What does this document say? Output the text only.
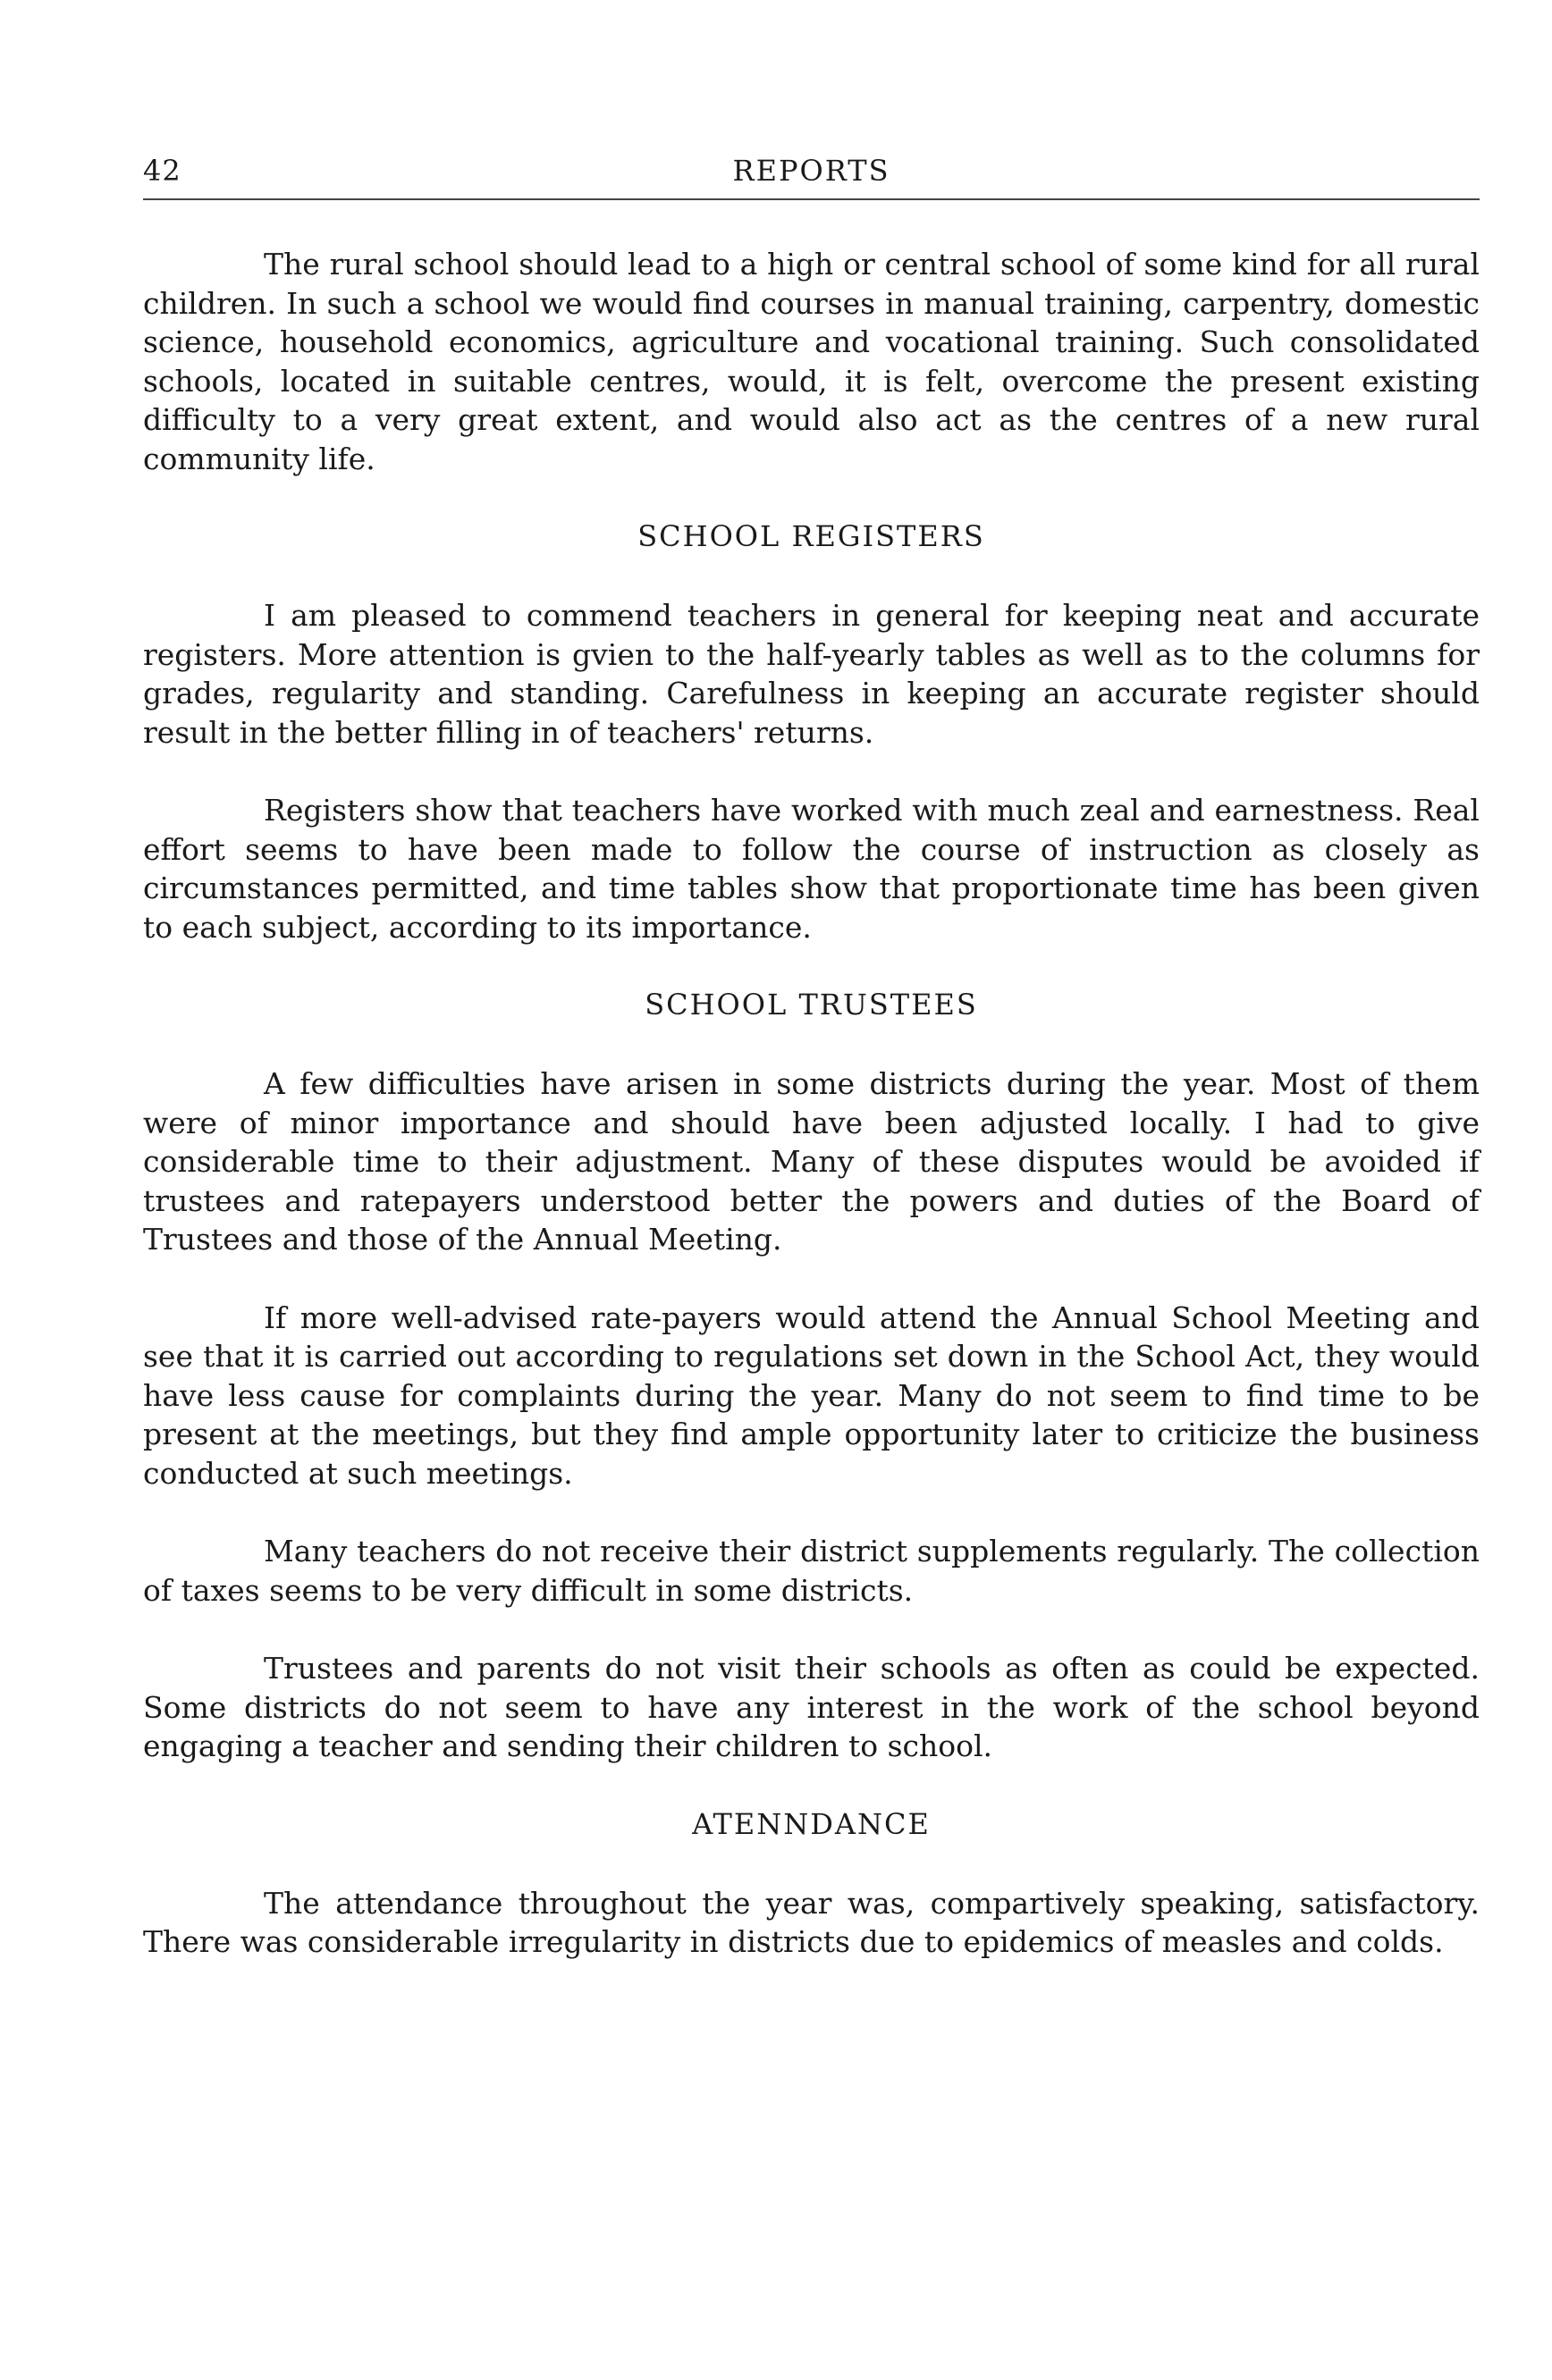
42	REPORTS

The rural school should lead to a high or central school of some kind for all rural children. In such a school we would find courses in manual training, carpentry, domestic science, household economics, agriculture and vocational training. Such consolidated schools, located in suitable centres, would, it is felt, overcome the present existing difficulty to a very great extent, and would also act as the centres of a new rural community life.

SCHOOL REGISTERS

I am pleased to commend teachers in general for keeping neat and accurate registers. More attention is gvien to the half-yearly tables as well as to the columns for grades, regularity and standing. Carefulness in keeping an accurate register should result in the better filling in of teachers' returns.

Registers show that teachers have worked with much zeal and earnestness. Real effort seems to have been made to follow the course of instruction as closely as circumstances permitted, and time tables show that proportionate time has been given to each subject, according to its importance.

SCHOOL TRUSTEES

A few difficulties have arisen in some districts during the year. Most of them were of minor importance and should have been adjusted locally. I had to give considerable time to their adjustment. Many of these disputes would be avoided if trustees and ratepayers understood better the powers and duties of the Board of Trustees and those of the Annual Meeting.

If more well-advised rate-payers would attend the Annual School Meeting and see that it is carried out according to regulations set down in the School Act, they would have less cause for complaints during the year. Many do not seem to find time to be present at the meetings, but they find ample opportunity later to criticize the business conducted at such meetings.

Many teachers do not receive their district supplements regularly. The collection of taxes seems to be very difficult in some districts.

Trustees and parents do not visit their schools as often as could be expected. Some districts do not seem to have any interest in the work of the school beyond engaging a teacher and sending their children to school.

ATENNDANCE

The attendance throughout the year was, compartively speaking, satisfactory. There was considerable irregularity in districts due to epidemics of measles and colds.
